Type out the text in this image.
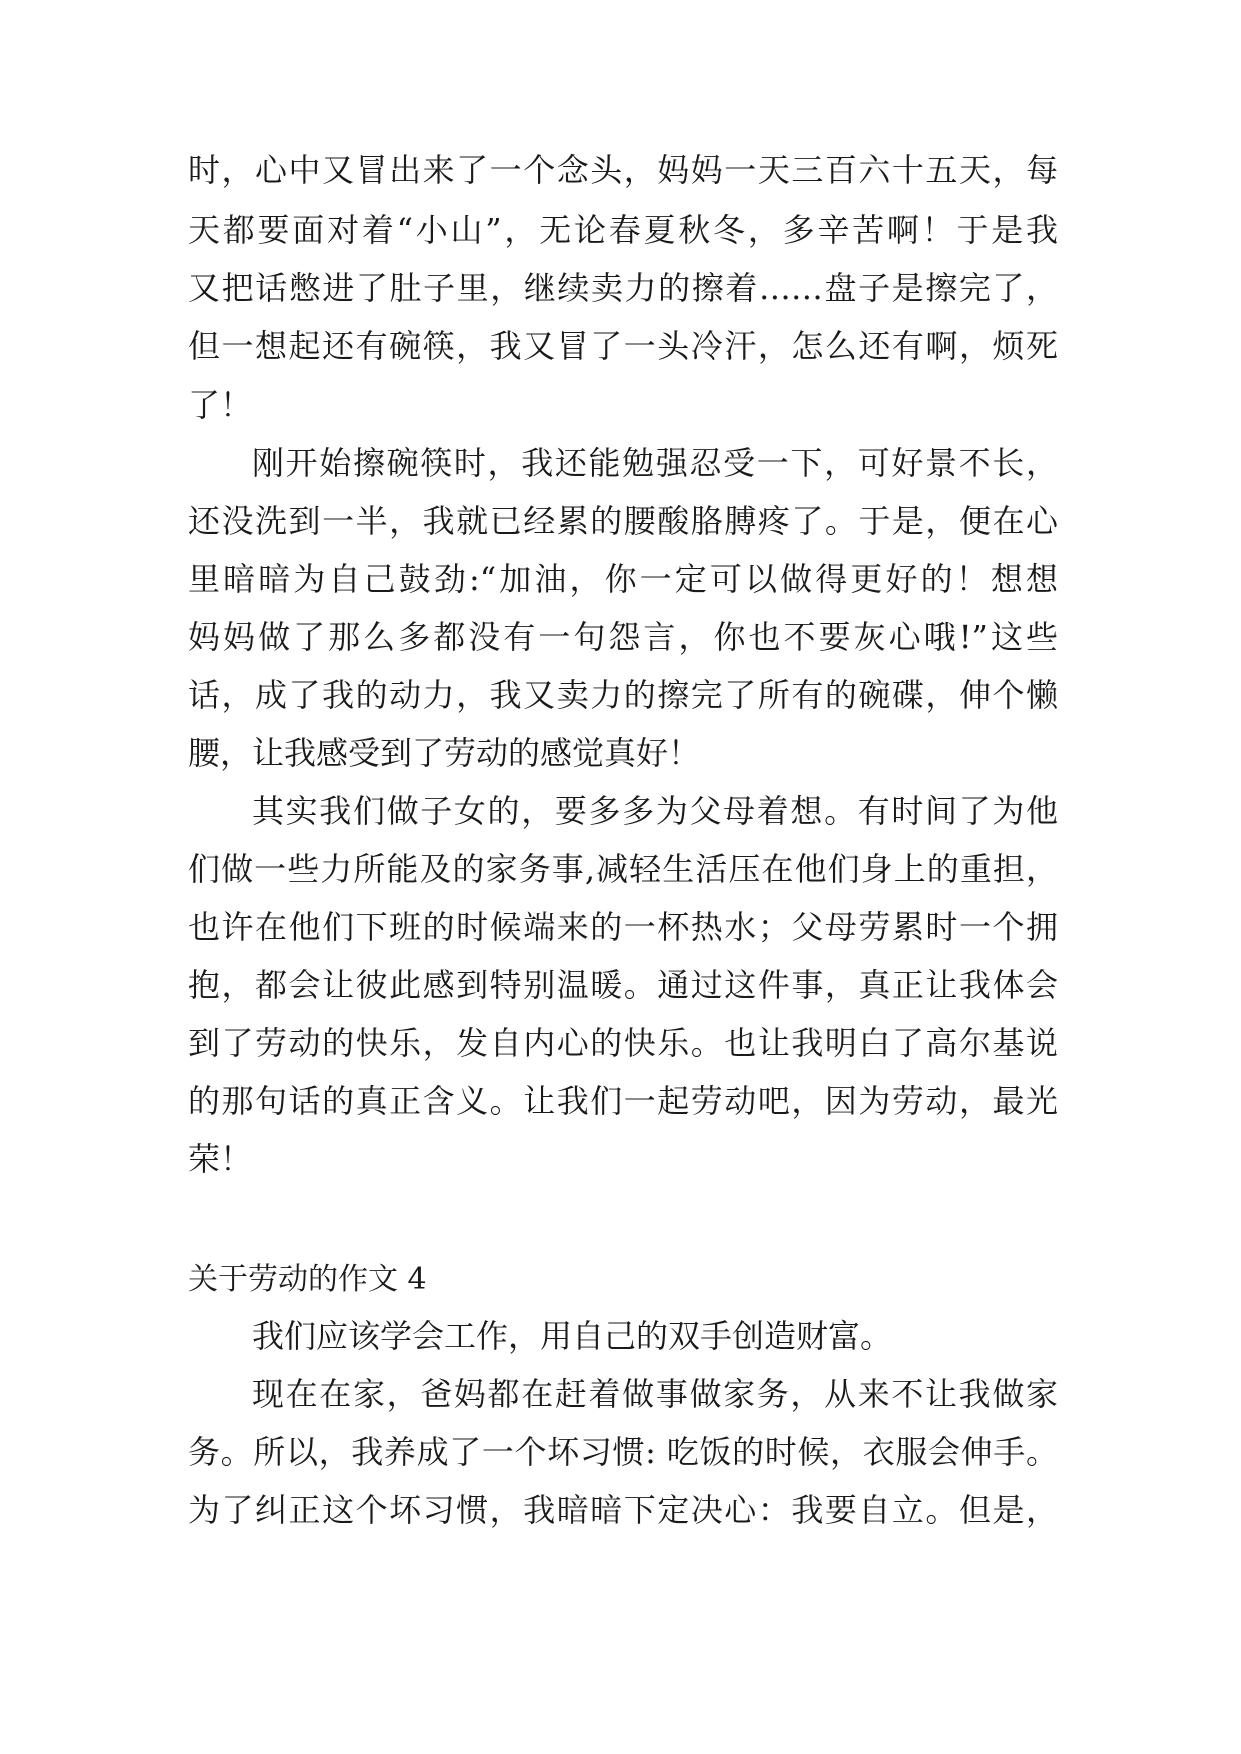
时，心中又冒出来了一个念头，妈妈一天三百六十五天，每

天都要面对着“小山”，无论春夏秋冬，多辛苦啊！于是我

又把话憋进了肚子里，继续卖力的擦着……盘子是擦完了，

但一想起还有碗筷，我又冒了一头冷汗，怎么还有啊，烦死

了！

刚开始擦碗筷时，我还能勉强忍受一下，可好景不长，

还没洗到一半，我就已经累的腰酸胳膊疼了。于是，便在心

里暗暗为自己鼓劲:“加油，你一定可以做得更好的！想想

妈妈做了那么多都没有一句怨言，你也不要灰心哦!”这些

话，成了我的动力，我又卖力的擦完了所有的碗碟，伸个懒

腰，让我感受到了劳动的感觉真好！

其实我们做子女的，要多多为父母着想。有时间了为他

们做一些力所能及的家务事,减轻生活压在他们身上的重担，

也许在他们下班的时候端来的一杯热水；父母劳累时一个拥

抱，都会让彼此感到特别温暖。通过这件事，真正让我体会

到了劳动的快乐，发自内心的快乐。也让我明白了高尔基说

的那句话的真正含义。让我们一起劳动吧，因为劳动，最光

荣！

关于劳动的作文 4

我们应该学会工作，用自己的双手创造财富。

现在在家，爸妈都在赶着做事做家务，从来不让我做家

务。所以，我养成了一个坏习惯: 吃饭的时候，衣服会伸手。

为了纠正这个坏习惯，我暗暗下定决心：我要自立。但是，
